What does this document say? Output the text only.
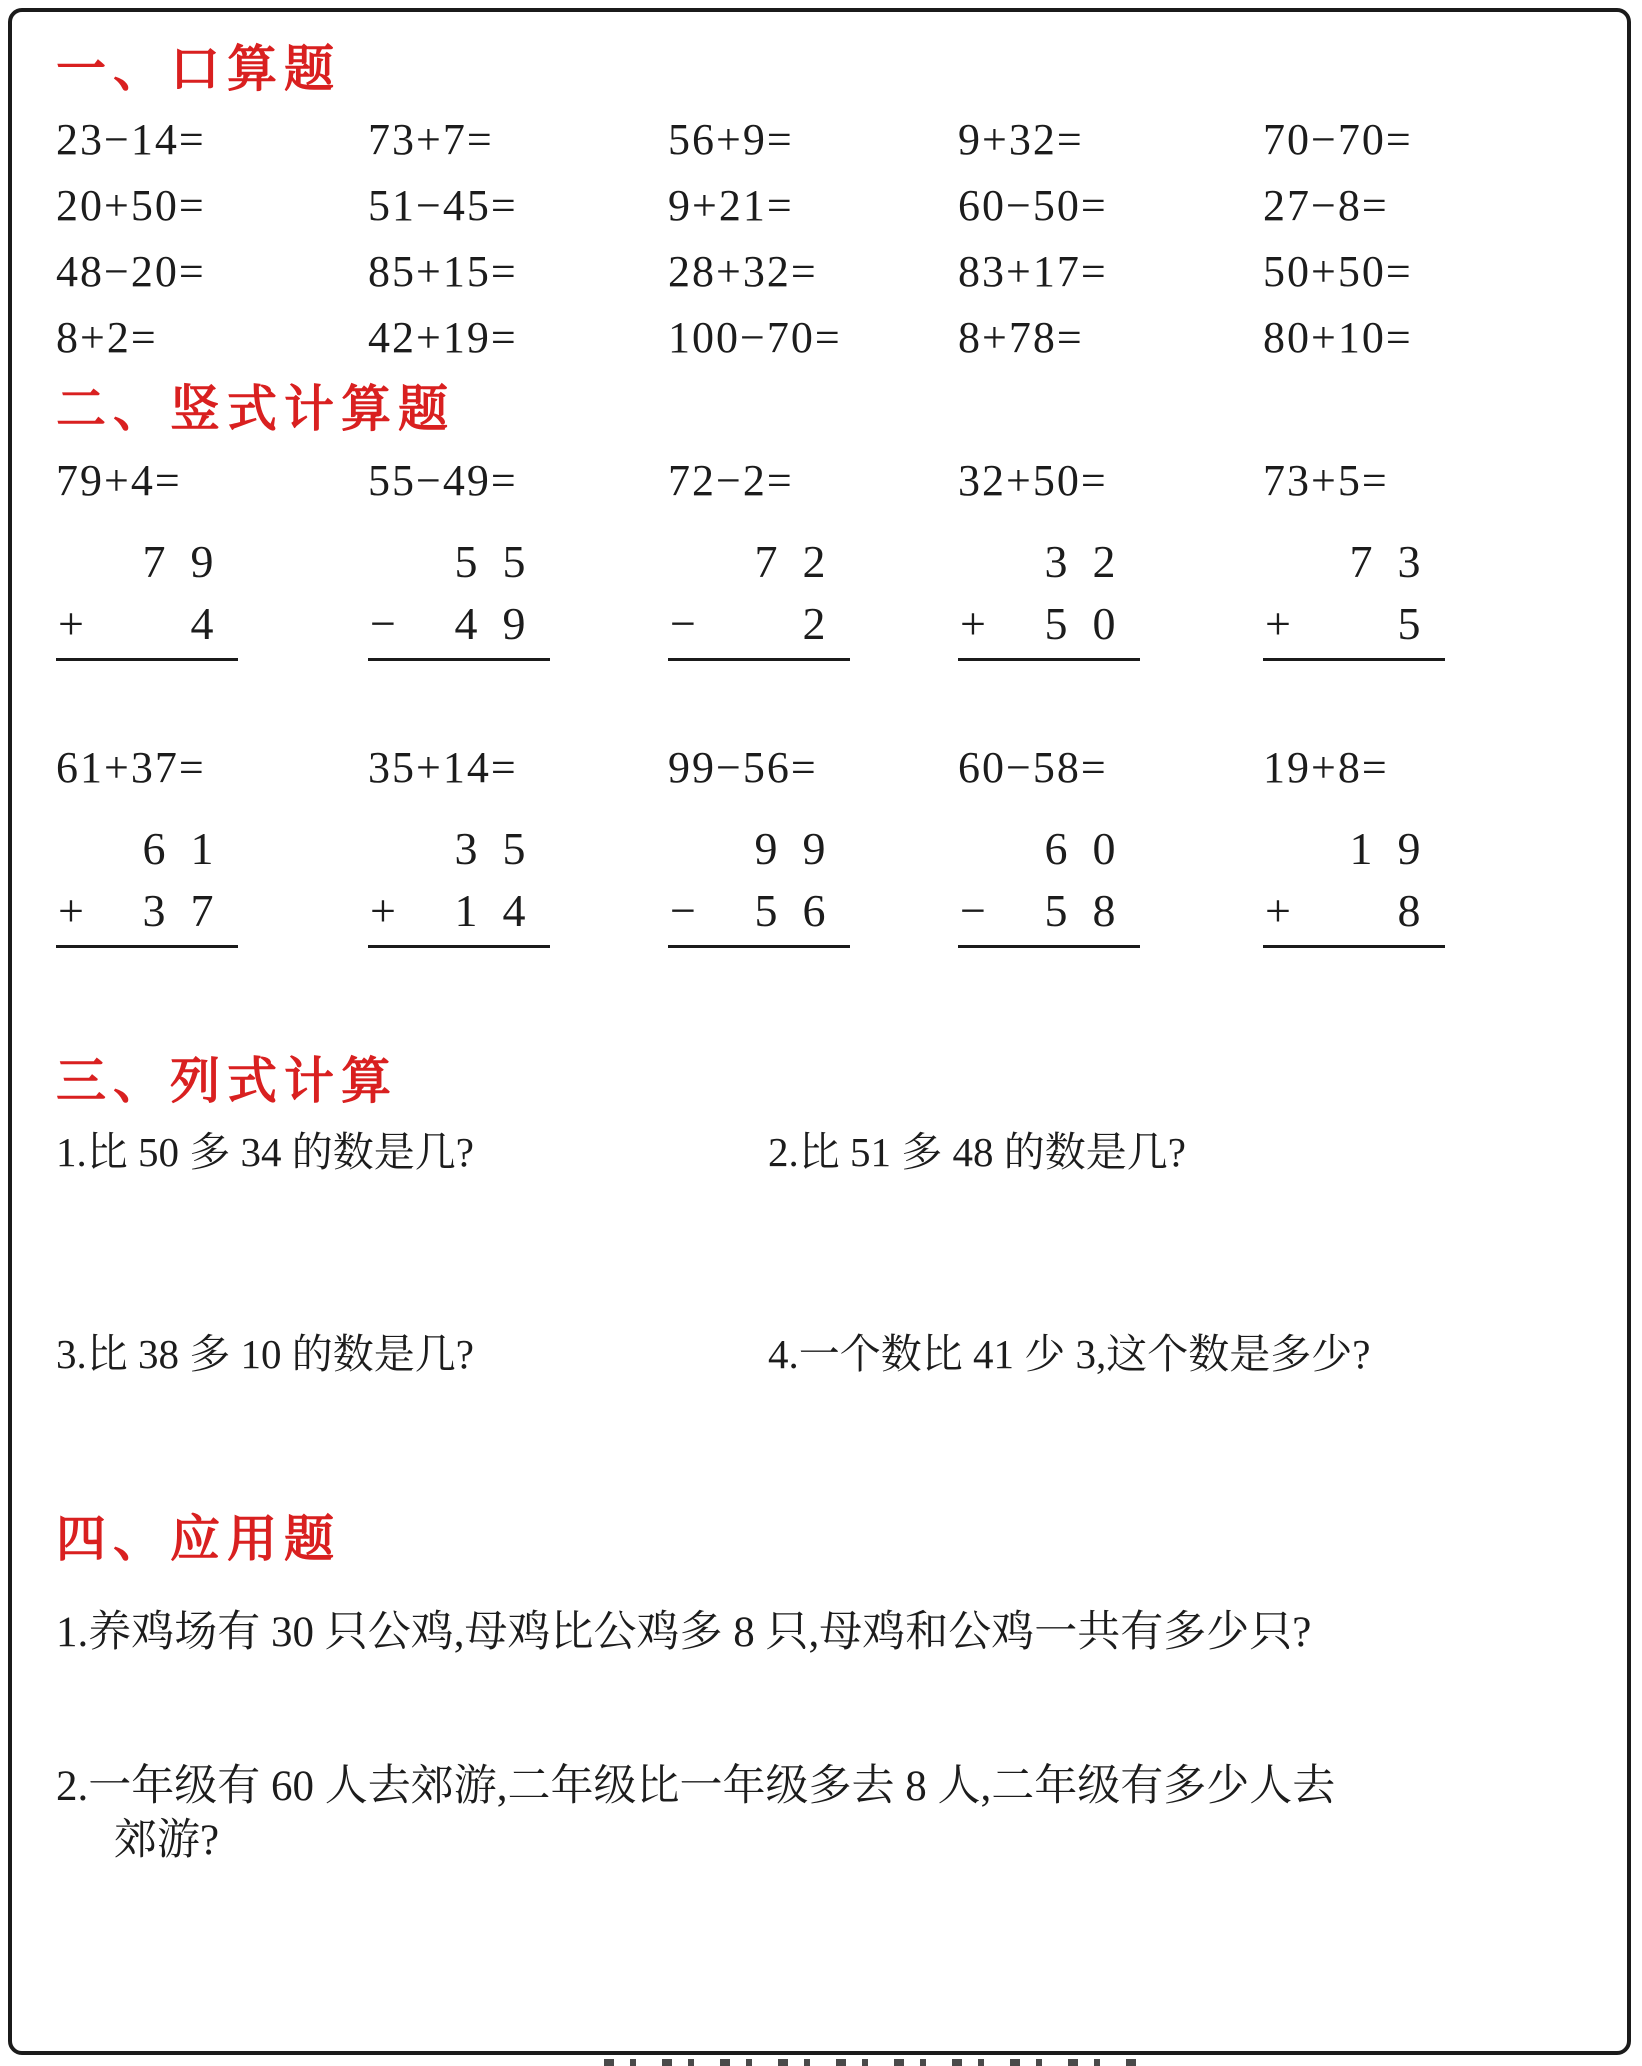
一、口算题
23−14=	73+7=	56+9=	9+32=	70−70=
20+50=	51−45=	9+21=	60−50=	27−8=
48−20=	85+15=	28+32=	83+17=	50+50=
8+2=	42+19=	100−70=	8+78=	80+10=
二、竖式计算题
79+4=
7 9
+	4
55−49=
5 5
−	4 9
72−2=
7 2
−	2
32+50=
3 2
+	5 0
73+5=
7 3
+	5
61+37=
6 1
+	3 7
35+14=
3 5
+	1 4
99−56=
9 9
−	5 6
60−58=
6 0
−	5 8
19+8=
1 9
+	8
三、列式计算
1.比 50 多 34 的数是几?	2.比 51 多 48 的数是几?
3.比 38 多 10 的数是几?	4.一个数比 41 少 3,这个数是多少?
四、应用题
1.养鸡场有 30 只公鸡,母鸡比公鸡多 8 只,母鸡和公鸡一共有多少只?
2.一年级有 60 人去郊游,二年级比一年级多去 8 人,二年级有多少人去
郊游?
